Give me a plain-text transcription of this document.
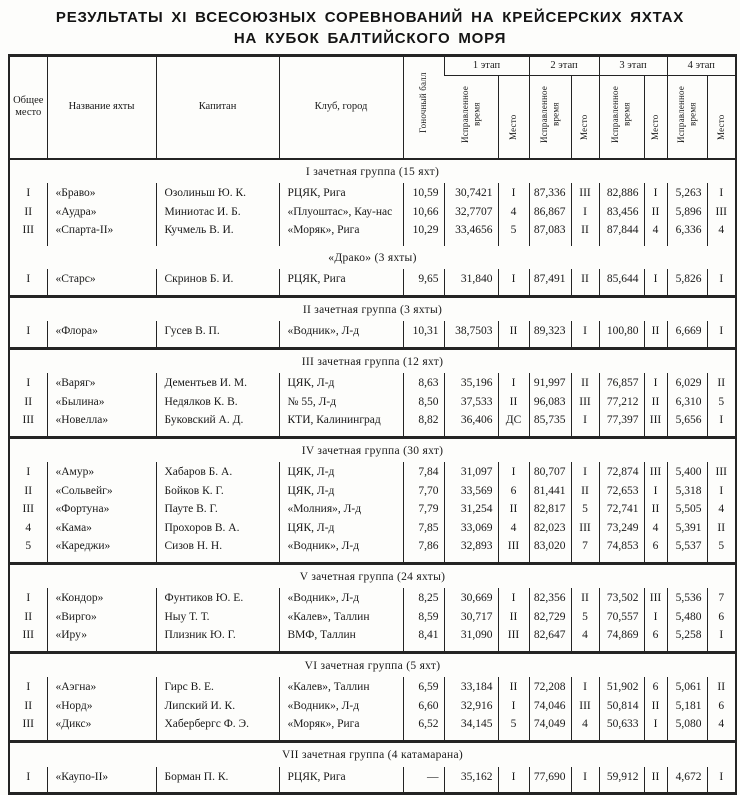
РЕЗУЛЬТАТЫ XI ВСЕСОЮЗНЫХ СОРЕВНОВАНИЙ НА КРЕЙСЕРСКИХ ЯХТАХ
НА КУБОК БАЛТИЙСКОГО МОРЯ
Общее место	Название яхты	Капитан	Клуб, город	Гоночный балл	1 этап		2 этап		3 этап		4 этап	
					Исправленное время	Место	Исправленное время	Место	Исправленное время	Место	Исправленное время	Место
I зачетная группа (15 яхт)												
I	«Браво»	Озолиньш Ю. К.	РЦЯК, Рига	10,59	30,7421	I	87,336	III	82,886	I	5,263	I
II	«Аудра»	Миниотас И. Б.	«Плуоштас», Кау-нас	10,66	32,7707	4	86,867	I	83,456	II	5,896	III
III	«Спарта-II»	Кучмель В. И.	«Моряк», Рига	10,29	33,4656	5	87,083	II	87,844	4	6,336	4
«Драко» (3 яхты)												
I	«Старс»	Скринов Б. И.	РЦЯК, Рига	9,65	31,840	I	87,491	II	85,644	I	5,826	I
II зачетная группа (3 яхты)												
I	«Флора»	Гусев В. П.	«Водник», Л-д	10,31	38,7503	II	89,323	I	100,80	II	6,669	I
III зачетная группа (12 яхт)												
I	«Варяг»	Дементьев И. М.	ЦЯК, Л-д	8,63	35,196	I	91,997	II	76,857	I	6,029	II
II	«Былина»	Недялков К. В.	№ 55, Л-д	8,50	37,533	II	96,083	III	77,212	II	6,310	5
III	«Новелла»	Буковский А. Д.	КТИ, Калининград	8,82	36,406	ДС	85,735	I	77,397	III	5,656	I
IV зачетная группа (30 яхт)												
I	«Амур»	Хабаров Б. А.	ЦЯК, Л-д	7,84	31,097	I	80,707	I	72,874	III	5,400	III
II	«Сольвейг»	Бойков К. Г.	ЦЯК, Л-д	7,70	33,569	6	81,441	II	72,653	I	5,318	I
III	«Фортуна»	Пауте В. Г.	«Молния», Л-д	7,79	31,254	II	82,817	5	72,741	II	5,505	4
4	«Кама»	Прохоров В. А.	ЦЯК, Л-д	7,85	33,069	4	82,023	III	73,249	4	5,391	II
5	«Кареджи»	Сизов Н. Н.	«Водник», Л-д	7,86	32,893	III	83,020	7	74,853	6	5,537	5
V зачетная группа (24 яхты)												
I	«Кондор»	Фунтиков Ю. Е.	«Водник», Л-д	8,25	30,669	I	82,356	II	73,502	III	5,536	7
II	«Вирго»	Ныу Т. Т.	«Калев», Таллин	8,59	30,717	II	82,729	5	70,557	I	5,480	6
III	«Иру»	Плизник Ю. Г.	ВМФ, Таллин	8,41	31,090	III	82,647	4	74,869	6	5,258	I
VI зачетная группа (5 яхт)												
I	«Аэгна»	Гирс В. Е.	«Калев», Таллин	6,59	33,184	II	72,208	I	51,902	6	5,061	II
II	«Норд»	Липский И. К.	«Водник», Л-д	6,60	32,916	I	74,046	III	50,814	II	5,181	6
III	«Дикс»	Хабербергс Ф. Э.	«Моряк», Рига	6,52	34,145	5	74,049	4	50,633	I	5,080	4
VII зачетная группа (4 катамарана)												
I	«Каупо-II»	Борман П. К.	РЦЯК, Рига	—	35,162	I	77,690	I	59,912	II	4,672	I
